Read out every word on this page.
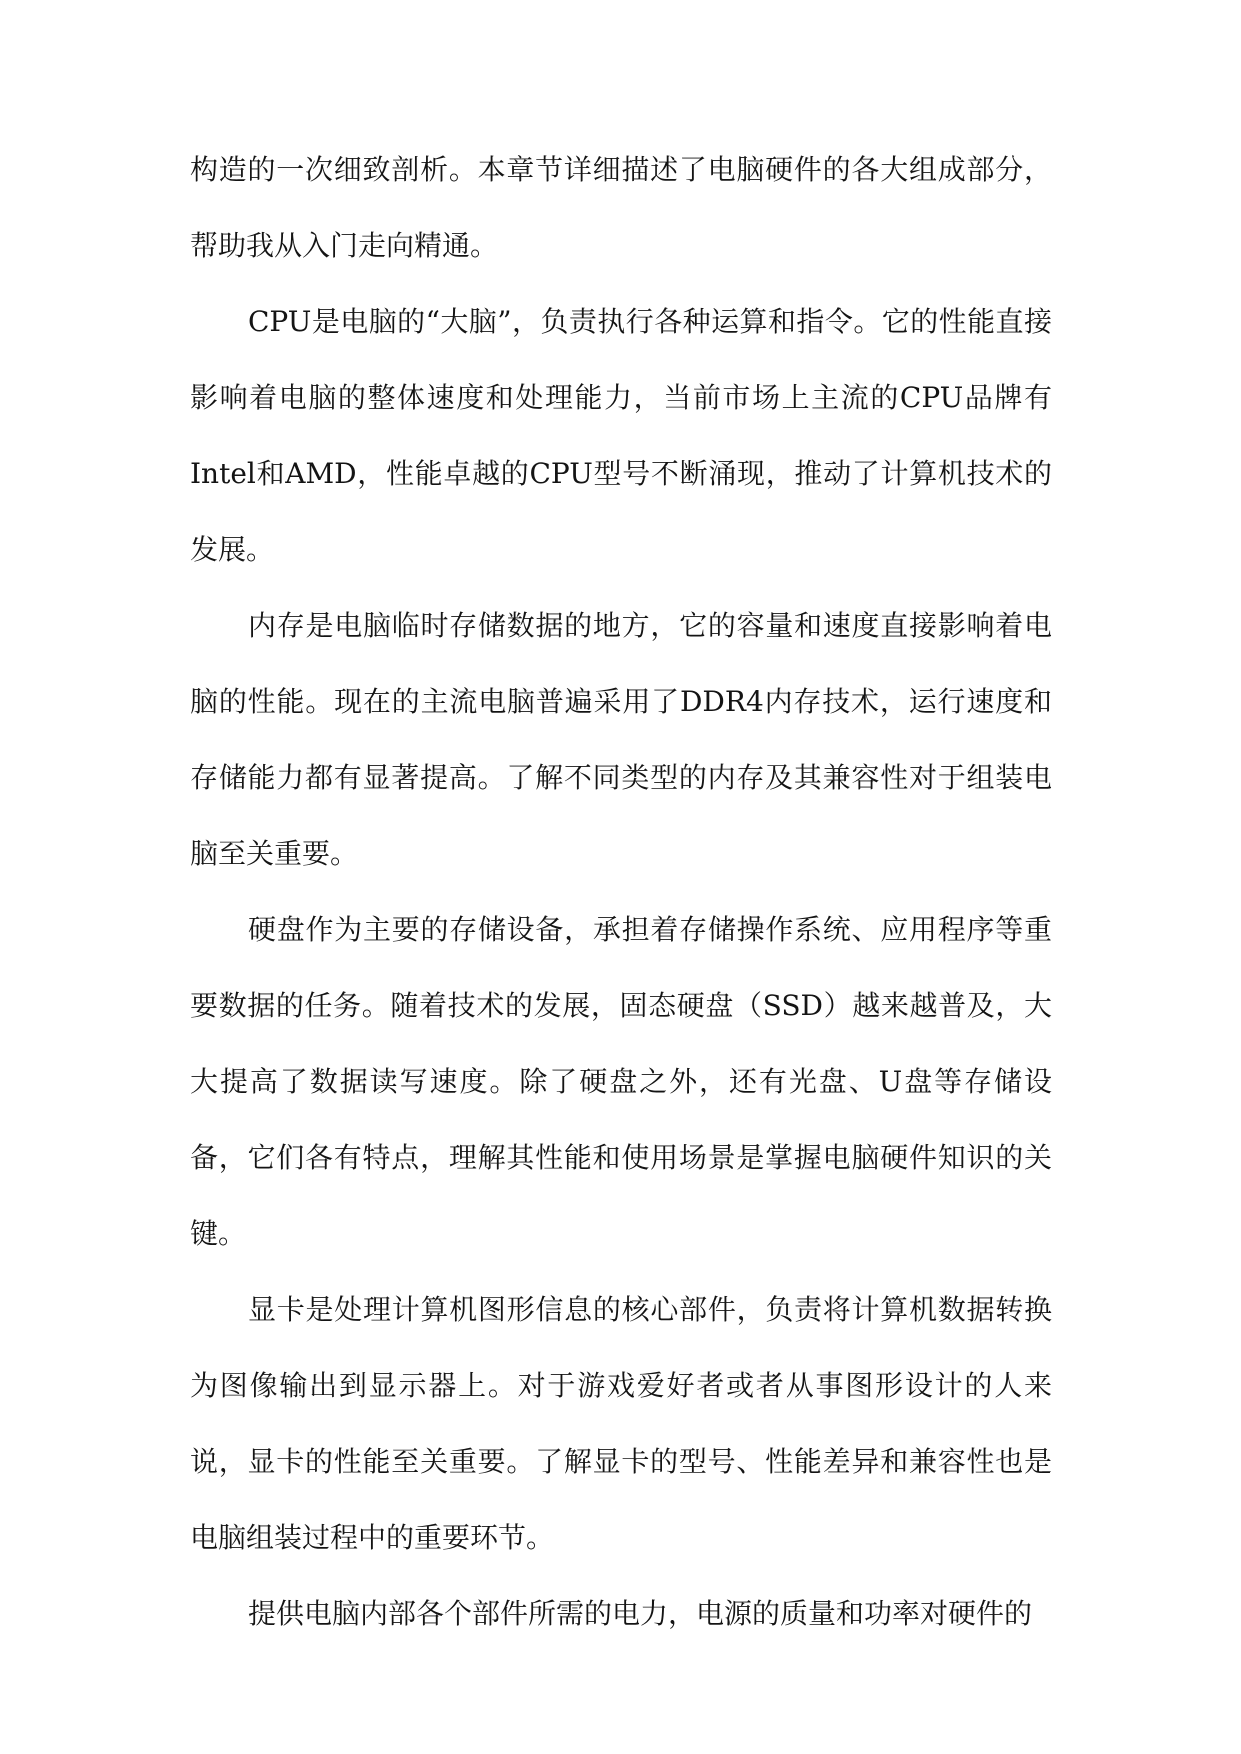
构造的一次细致剖析。本章节详细描述了电脑硬件的各大组成部分，帮助我从入门走向精通。

CPU是电脑的“大脑”，负责执行各种运算和指令。它的性能直接影响着电脑的整体速度和处理能力，当前市场上主流的CPU品牌有Intel和AMD，性能卓越的CPU型号不断涌现，推动了计算机技术的发展。

内存是电脑临时存储数据的地方，它的容量和速度直接影响着电脑的性能。现在的主流电脑普遍采用了DDR4内存技术，运行速度和存储能力都有显著提高。了解不同类型的内存及其兼容性对于组装电脑至关重要。

硬盘作为主要的存储设备，承担着存储操作系统、应用程序等重要数据的任务。随着技术的发展，固态硬盘（SSD）越来越普及，大大提高了数据读写速度。除了硬盘之外，还有光盘、U盘等存储设备，它们各有特点，理解其性能和使用场景是掌握电脑硬件知识的关键。

显卡是处理计算机图形信息的核心部件，负责将计算机数据转换为图像输出到显示器上。对于游戏爱好者或者从事图形设计的人来说，显卡的性能至关重要。了解显卡的型号、性能差异和兼容性也是电脑组装过程中的重要环节。

提供电脑内部各个部件所需的电力，电源的质量和功率对硬件的
